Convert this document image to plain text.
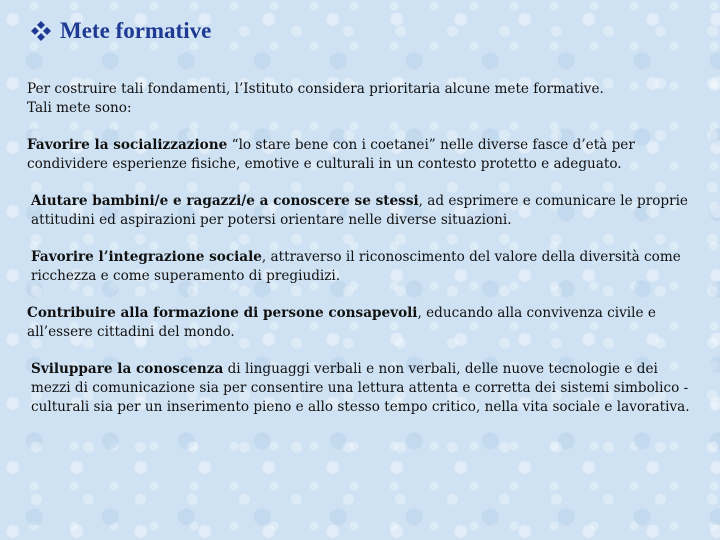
Mete formative
Per costruire tali fondamenti, l’Istituto considera prioritaria alcune mete formative.
Tali mete sono:
Favorire la socializzazione “lo stare bene con i coetanei” nelle diverse fasce d’età per condividere esperienze fisiche, emotive e culturali in un contesto protetto e adeguato.
Aiutare bambini/e e ragazzi/e a conoscere se stessi, ad esprimere e comunicare le proprie attitudini ed aspirazioni per potersi orientare nelle diverse situazioni.
Favorire l’integrazione sociale, attraverso il riconoscimento del valore della diversità come ricchezza e come superamento di pregiudizi.
Contribuire alla formazione di persone consapevoli, educando alla convivenza civile e all’essere cittadini del mondo.
Sviluppare la conoscenza di linguaggi verbali e non verbali, delle nuove tecnologie e dei mezzi di comunicazione sia per consentire una lettura attenta e corretta dei sistemi simbolico - culturali sia per un inserimento pieno e allo stesso tempo critico, nella vita sociale e lavorativa.
